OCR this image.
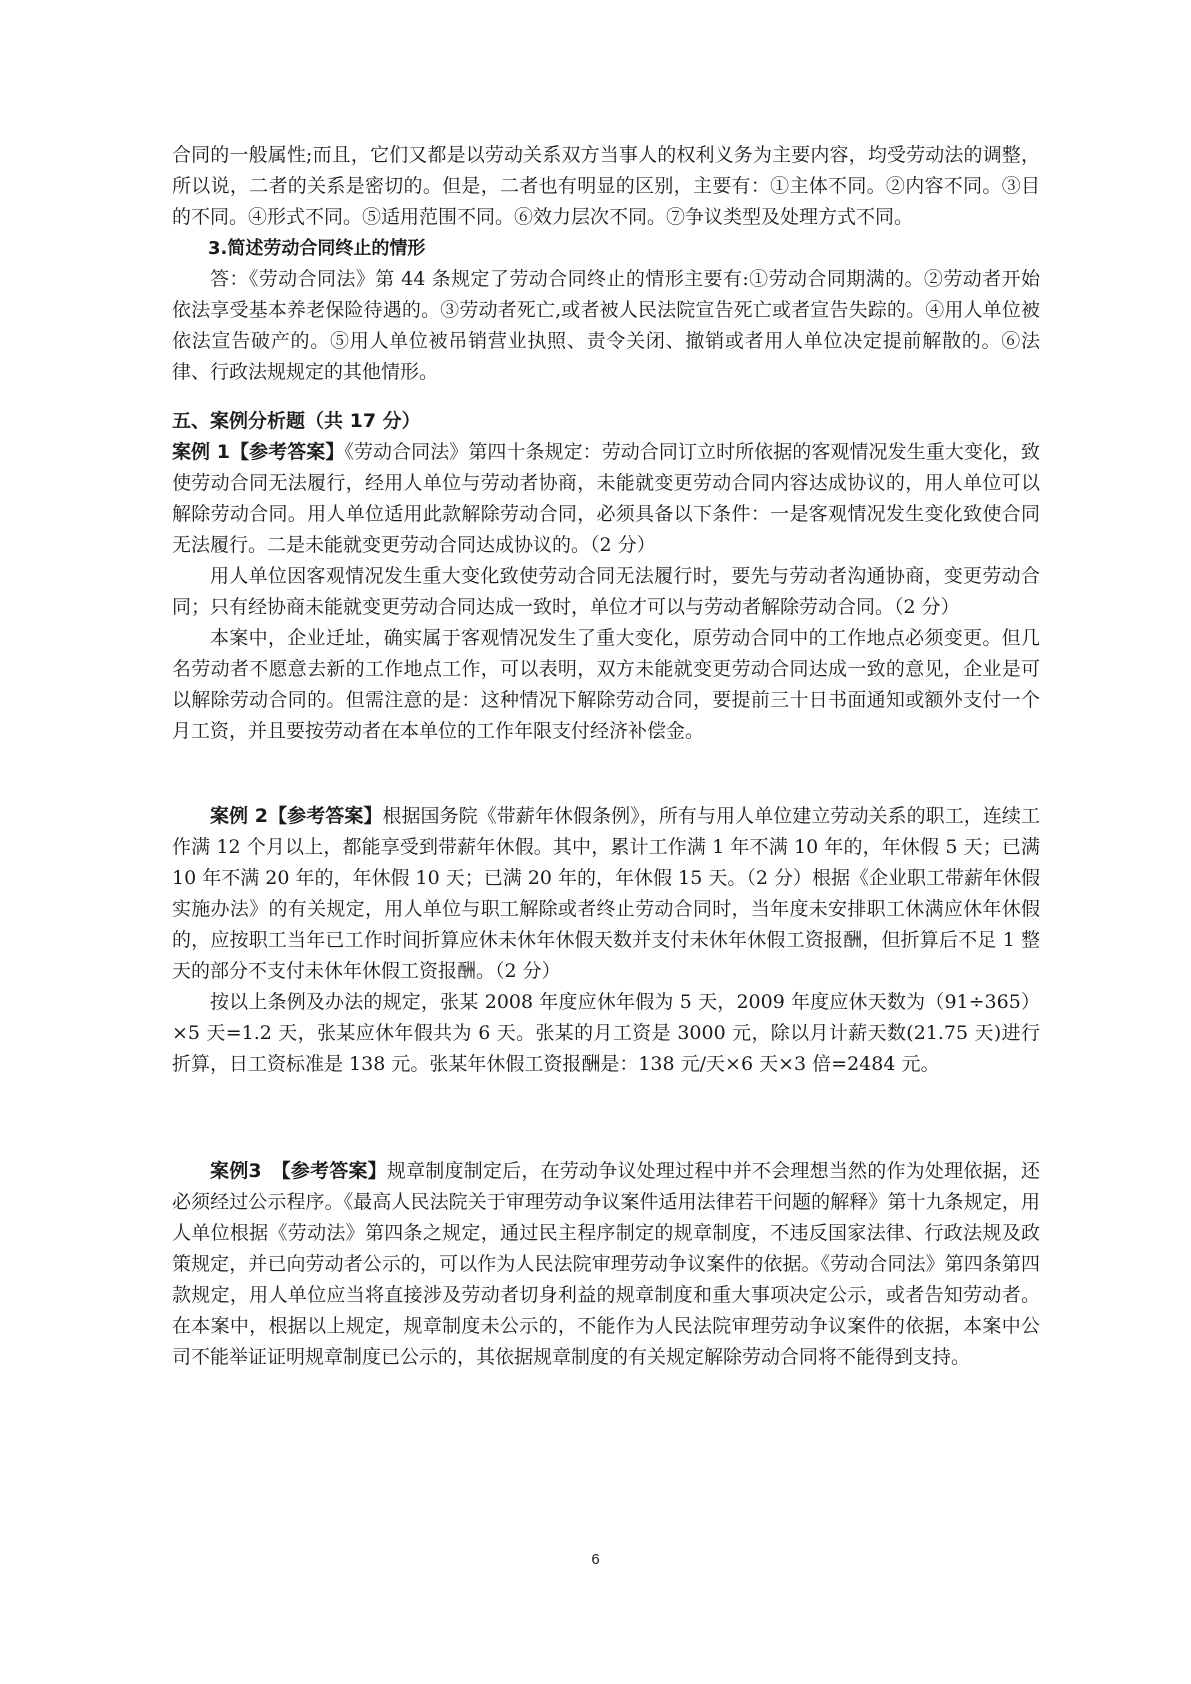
合同的一般属性;而且，它们又都是以劳动关系双方当事人的权利义务为主要内容，均受劳动法的调整，所以说，二者的关系是密切的。但是，二者也有明显的区别，主要有：①主体不同。②内容不同。③目的不同。④形式不同。⑤适用范围不同。⑥效力层次不同。⑦争议类型及处理方式不同。

3.简述劳动合同终止的情形

答：《劳动合同法》第 44 条规定了劳动合同终止的情形主要有:①劳动合同期满的。②劳动者开始依法享受基本养老保险待遇的。③劳动者死亡,或者被人民法院宣告死亡或者宣告失踪的。④用人单位被依法宣告破产的。⑤用人单位被吊销营业执照、责令关闭、撤销或者用人单位决定提前解散的。⑥法律、行政法规规定的其他情形。

五、案例分析题（共 17 分）

案例 1【参考答案】《劳动合同法》第四十条规定：劳动合同订立时所依据的客观情况发生重大变化，致使劳动合同无法履行，经用人单位与劳动者协商，未能就变更劳动合同内容达成协议的，用人单位可以解除劳动合同。用人单位适用此款解除劳动合同，必须具备以下条件：一是客观情况发生变化致使合同无法履行。二是未能就变更劳动合同达成协议的。（2 分）

用人单位因客观情况发生重大变化致使劳动合同无法履行时，要先与劳动者沟通协商，变更劳动合同；只有经协商未能就变更劳动合同达成一致时，单位才可以与劳动者解除劳动合同。（2 分）

本案中，企业迁址，确实属于客观情况发生了重大变化，原劳动合同中的工作地点必须变更。但几名劳动者不愿意去新的工作地点工作，可以表明，双方未能就变更劳动合同达成一致的意见，企业是可以解除劳动合同的。但需注意的是：这种情况下解除劳动合同，要提前三十日书面通知或额外支付一个月工资，并且要按劳动者在本单位的工作年限支付经济补偿金。

案例 2【参考答案】根据国务院《带薪年休假条例》，所有与用人单位建立劳动关系的职工，连续工作满 12 个月以上，都能享受到带薪年休假。其中，累计工作满 1 年不满 10 年的，年休假 5 天；已满 10 年不满 20 年的，年休假 10 天；已满 20 年的，年休假 15 天。（2 分）根据《企业职工带薪年休假实施办法》的有关规定，用人单位与职工解除或者终止劳动合同时，当年度未安排职工休满应休年休假的，应按职工当年已工作时间折算应休未休年休假天数并支付未休年休假工资报酬，但折算后不足 1 整天的部分不支付未休年休假工资报酬。（2 分）

按以上条例及办法的规定，张某 2008 年度应休年假为 5 天，2009 年度应休天数为（91÷365）×5 天=1.2 天，张某应休年假共为 6 天。张某的月工资是 3000 元，除以月计薪天数(21.75 天)进行折算，日工资标准是 138 元。张某年休假工资报酬是：138 元/天×6 天×3 倍=2484 元。

案例3　【参考答案】规章制度制定后，在劳动争议处理过程中并不会理想当然的作为处理依据，还必须经过公示程序。《最高人民法院关于审理劳动争议案件适用法律若干问题的解释》第十九条规定，用人单位根据《劳动法》第四条之规定，通过民主程序制定的规章制度，不违反国家法律、行政法规及政策规定，并已向劳动者公示的，可以作为人民法院审理劳动争议案件的依据。《劳动合同法》第四条第四款规定，用人单位应当将直接涉及劳动者切身利益的规章制度和重大事项决定公示，或者告知劳动者。在本案中，根据以上规定，规章制度未公示的，不能作为人民法院审理劳动争议案件的依据，本案中公司不能举证证明规章制度已公示的，其依据规章制度的有关规定解除劳动合同将不能得到支持。

6
